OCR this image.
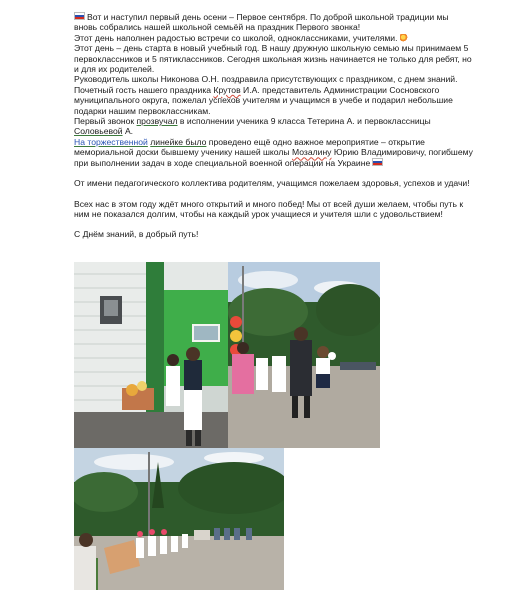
Вот и наступил первый день осени – Первое сентября. По доброй школьной традиции мы вновь собрались нашей школьной семьёй на праздник Первого звонка!

Этот день наполнен радостью встречи со школой, одноклассниками, учителями.

Этот день – день старта в новый учебный год. В нашу дружную школьную семью мы принимаем 5 первоклассников и 5 пятиклассников. Сегодня школьная жизнь начинается не только для ребят, но и для их родителей.

Руководитель школы Никонова О.Н. поздравила присутствующих с праздником, с днем знаний.

Почетный гость нашего праздника Крутов И.А. представитель Администрации Сосновского муниципального округа, пожелал успехов учителям и учащимся в учебе и подарил небольшие подарки нашим первоклассникам.

Первый звонок прозвучал в исполнении ученика 9 класса Тетерина А. и первоклассницы Соловьевой А.

На торжественной линейке было проведено ещё одно важное мероприятие – открытие мемориальной доски бывшему ученику нашей школы Мозалину Юрию Владимировичу, погибшему при выполнении задач в ходе специальной военной операции на Украине

От имени педагогического коллектива родителям, учащимся пожелаем здоровья, успехов и удачи!

Всех нас в этом году ждёт много открытий и много побед! Мы от всей души желаем, чтобы путь к ним не показался долгим, чтобы на каждый урок учащиеся и учителя шли с удовольствием!

С Днём знаний, в добрый путь!
